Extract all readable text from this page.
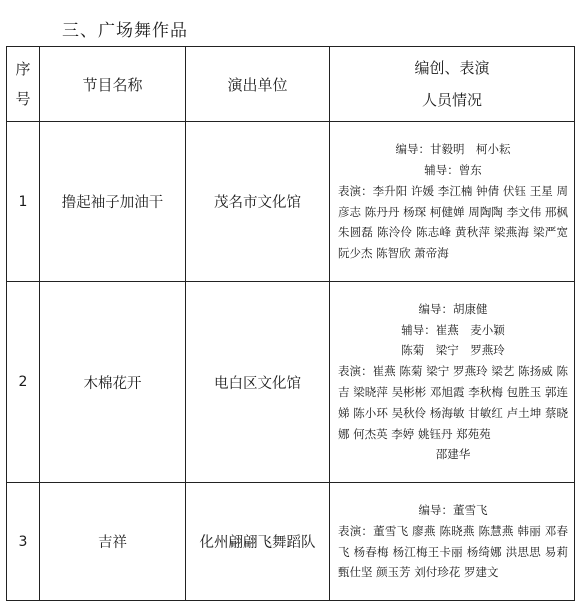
三、广场舞作品
序号	节目名称	演出单位	编创、表演
人员情况

1	撸起袖子加油干	茂名市文化馆	编导：甘毅明　柯小耘
辅导：曾东
表演：李升阳 许媛 李江楠 钟倩 伏钰 王星 周彦志 陈丹丹 杨琛 柯健婵 周陶陶 李文伟 邢枫 朱圆磊 陈泠伶 陈志峰 黄秋萍 梁燕海 梁严宽 阮少杰 陈智欣 萧帝海

2	木棉花开	电白区文化馆	编导：胡康健
辅导：崔燕　麦小颖
陈菊　梁宁　罗燕玲
表演：崔燕 陈菊 梁宁 罗燕玲 梁艺 陈扬威 陈吉 梁晓萍 吴彬彬 邓旭霞 李秋梅 包胜玉 郭连娣 陈小环 吴秋伶 杨海敏 甘敏红 卢土坤 蔡晓娜 何杰英 李婷 姚钰丹 郑苑苑
邵建华

3	吉祥	化州翩翩飞舞蹈队	编导：董雪飞
表演：董雪飞 廖燕 陈晓燕 陈慧燕 韩丽 邓春飞 杨春梅 杨江梅王卡丽 杨绮娜 洪思思 易莉 甄仕坚 颜玉芳 刘付珍花 罗建文
